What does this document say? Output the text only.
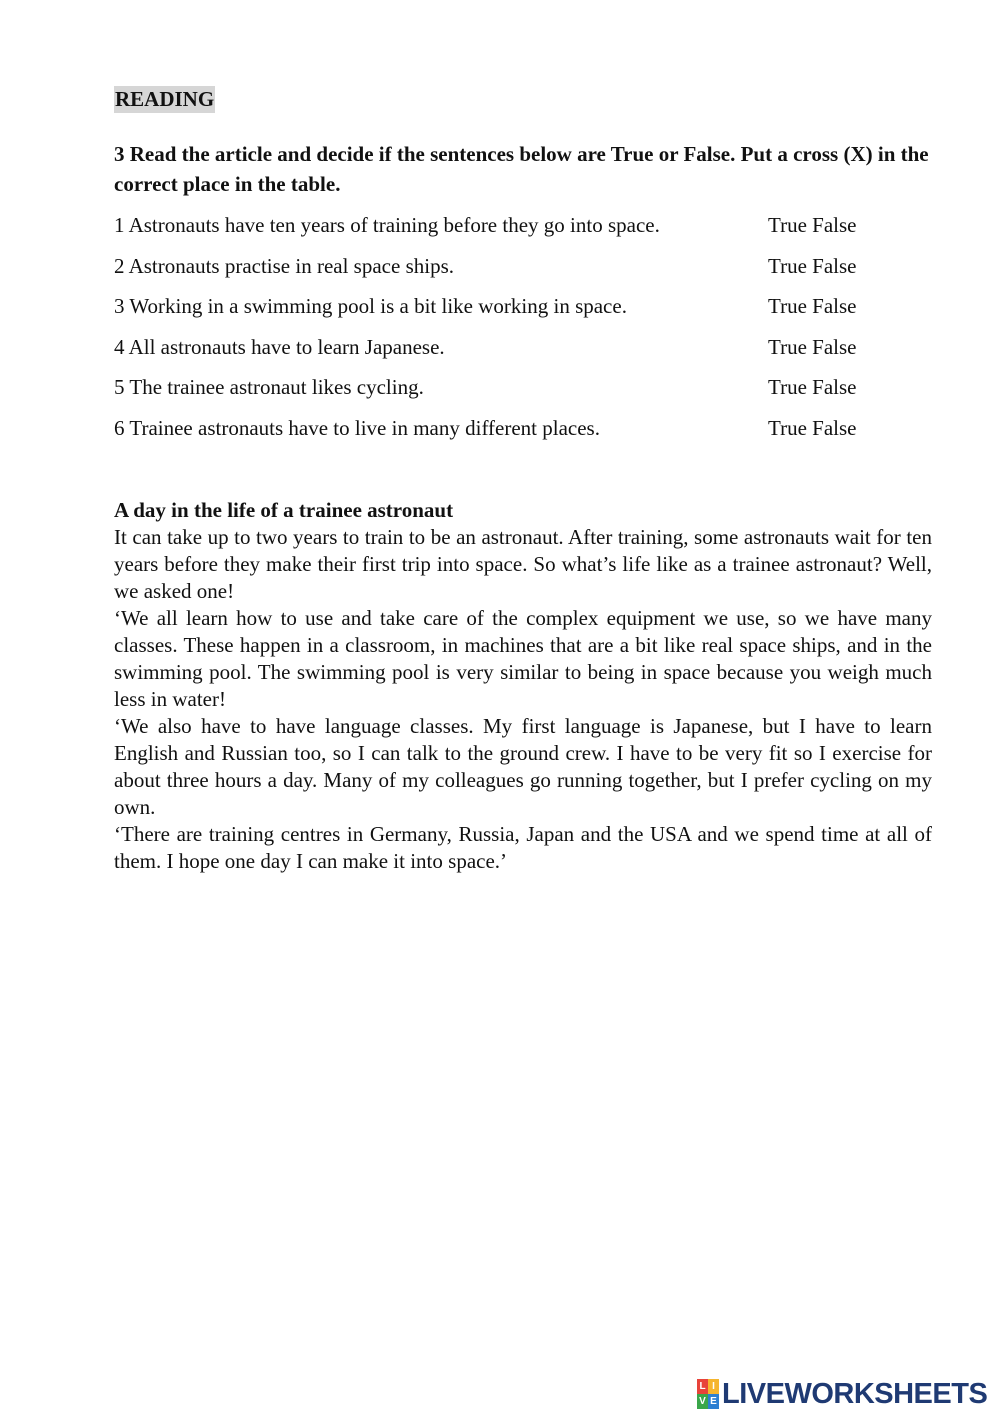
READING
3 Read the article and decide if the sentences below are True or False. Put a cross (X) in the correct place in the table.
1 Astronauts have ten years of training before they go into space.	True False
2 Astronauts practise in real space ships.	True False
3 Working in a swimming pool is a bit like working in space.	True False
4 All astronauts have to learn Japanese.	True False
5 The trainee astronaut likes cycling.	True False
6 Trainee astronauts have to live in many different places.	True False
A day in the life of a trainee astronaut

It can take up to two years to train to be an astronaut. After training, some astronauts wait for ten years before they make their first trip into space. So what’s life like as a trainee astronaut? Well, we asked one!

‘We all learn how to use and take care of the complex equipment we use, so we have many classes. These happen in a classroom, in machines that are a bit like real space ships, and in the swimming pool. The swimming pool is very similar to being in space because you weigh much less in water!

‘We also have to have language classes. My first language is Japanese, but I have to learn English and Russian too, so I can talk to the ground crew. I have to be very fit so I exercise for about three hours a day. Many of my colleagues go running together, but I prefer cycling on my own.

‘There are training centres in Germany, Russia, Japan and the USA and we spend time at all of them. I hope one day I can make it into space.’

L I
V E LIVEWORKSHEETS
